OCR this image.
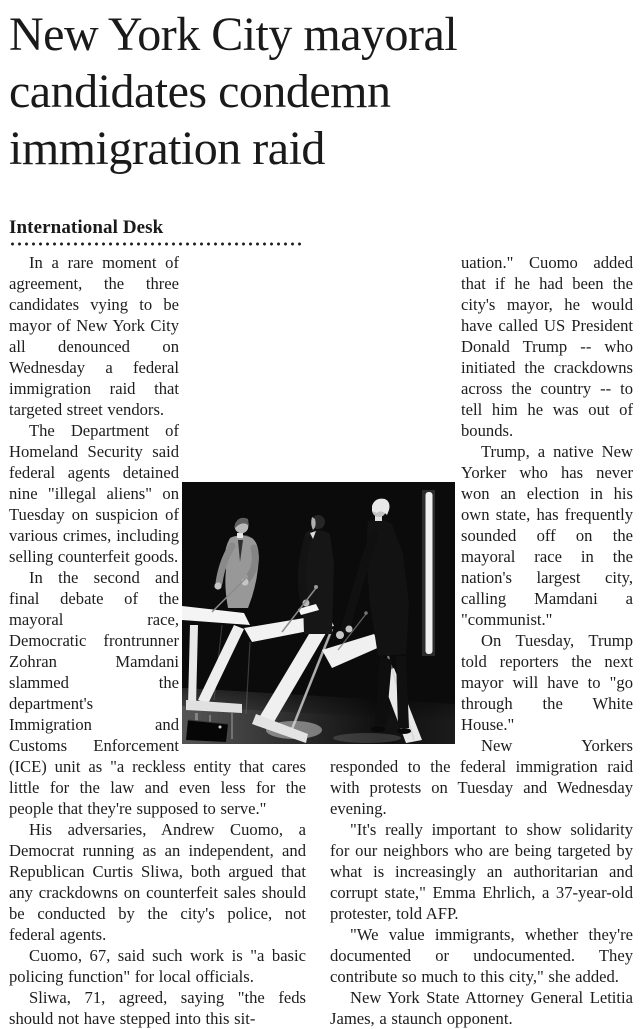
New York City mayoral candidates condemn immigration raid
International Desk

In a rare moment of agreement, the three candidates vying to be mayor of New York City all denounced on Wednesday a federal immigration raid that targeted street vendors.

The Department of Homeland Security said federal agents detained nine "illegal aliens" on Tuesday on suspicion of various crimes, including selling counterfeit goods.

In the second and final debate of the mayoral race, Democratic frontrunner Zohran Mamdani slammed the department's Immigration and Customs Enforcement (ICE) unit as "a reckless entity that cares little for the law and even less for the people that they're supposed to serve."

His adversaries, Andrew Cuomo, a Democrat running as an independent, and Republican Curtis Sliwa, both argued that any crackdowns on counterfeit sales should be conducted by the city's police, not federal agents.

Cuomo, 67, said such work is "a basic policing function" for local officials.

Sliwa, 71, agreed, saying "the feds should not have stepped into this sit-

uation." Cuomo added that if he had been the city's mayor, he would have called US President Donald Trump -- who initiated the crackdowns across the country -- to tell him he was out of bounds.

Trump, a native New Yorker who has never won an election in his own state, has frequently sounded off on the mayoral race in the nation's largest city, calling Mamdani a "communist."

On Tuesday, Trump told reporters the next mayor will have to "go through the White House."

New Yorkers responded to the federal immigration raid with protests on Tuesday and Wednesday evening.

"It's really important to show solidarity for our neighbors who are being targeted by what is increasingly an authoritarian and corrupt state," Emma Ehrlich, a 37-year-old protester, told AFP.

"We value immigrants, whether they're documented or undocumented. They contribute so much to this city," she added.

New York State Attorney General Letitia James, a staunch opponent.
